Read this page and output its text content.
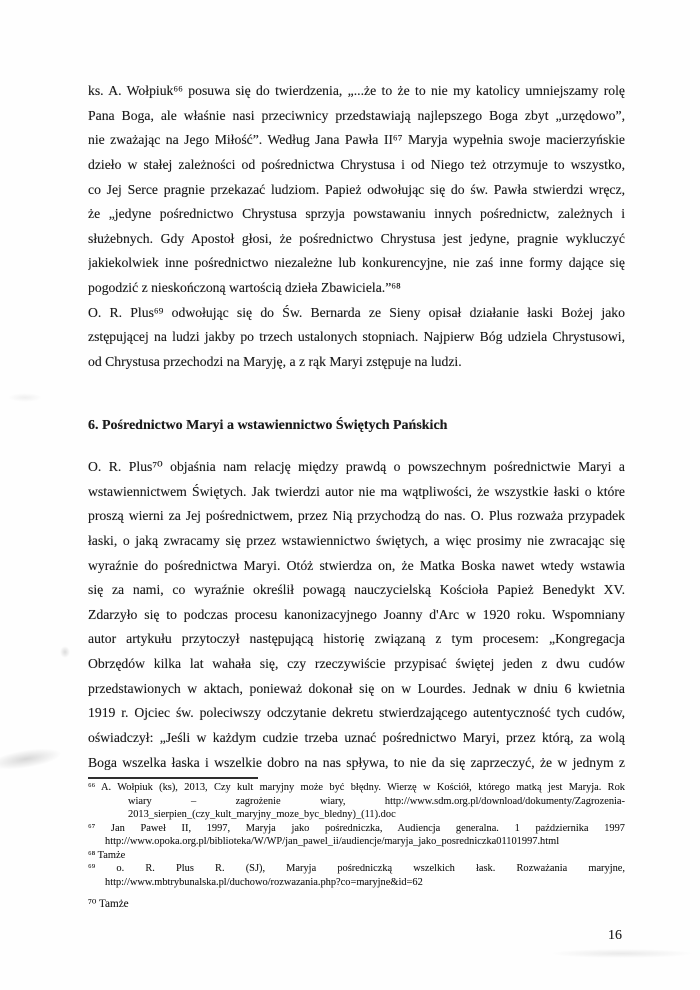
ks. A. Wołpiuk⁶⁶ posuwa się do twierdzenia, „...że to że to nie my katolicy umniejszamy rolę
Pana Boga, ale właśnie nasi przeciwnicy przedstawiają najlepszego Boga zbyt „urzędowo”,
nie zważając na Jego Miłość”. Według Jana Pawła II⁶⁷ Maryja wypełnia swoje macierzyńskie
dzieło w stałej zależności od pośrednictwa Chrystusa i od Niego też otrzymuje to wszystko,
co Jej Serce pragnie przekazać ludziom. Papież odwołując się do św. Pawła stwierdzi wręcz,
że „jedyne pośrednictwo Chrystusa sprzyja powstawaniu innych pośrednictw, zależnych i
służebnych. Gdy Apostoł głosi, że pośrednictwo Chrystusa jest jedyne, pragnie wykluczyć
jakiekolwiek inne pośrednictwo niezależne lub konkurencyjne, nie zaś inne formy dające się
pogodzić z nieskończoną wartością dzieła Zbawiciela.”⁶⁸
O. R. Plus⁶⁹ odwołując się do Św. Bernarda ze Sieny opisał działanie łaski Bożej jako
zstępującej na ludzi jakby po trzech ustalonych stopniach. Najpierw Bóg udziela Chrystusowi,
od Chrystusa przechodzi na Maryję, a z rąk Maryi zstępuje na ludzi.
6. Pośrednictwo Maryi a wstawiennictwo Świętych Pańskich
O. R. Plus⁷⁰ objaśnia nam relację między prawdą o powszechnym pośrednictwie Maryi a
wstawiennictwem Świętych. Jak twierdzi autor nie ma wątpliwości, że wszystkie łaski o które
proszą wierni za Jej pośrednictwem, przez Nią przychodzą do nas. O. Plus rozważa przypadek
łaski, o jaką zwracamy się przez wstawiennictwo świętych, a więc prosimy nie zwracając się
wyraźnie do pośrednictwa Maryi. Otóż stwierdza on, że Matka Boska nawet wtedy wstawia
się za nami, co wyraźnie określił powagą nauczycielską Kościoła Papież Benedykt XV.
Zdarzyło się to podczas procesu kanonizacyjnego Joanny d'Arc w 1920 roku. Wspomniany
autor artykułu przytoczył następującą historię związaną z tym procesem: „Kongregacja
Obrzędów kilka lat wahała się, czy rzeczywiście przypisać świętej jeden z dwu cudów
przedstawionych w aktach, ponieważ dokonał się on w Lourdes. Jednak w dniu 6 kwietnia
1919 r. Ojciec św. poleciwszy odczytanie dekretu stwierdzającego autentyczność tych cudów,
oświadczył: „Jeśli w każdym cudzie trzeba uznać pośrednictwo Maryi, przez którą, za wolą
Boga wszelka łaska i wszelkie dobro na nas spływa, to nie da się zaprzeczyć, że w jednym z
⁶⁶ A. Wołpiuk (ks), 2013, Czy kult maryjny może być błędny. Wierzę w Kościół, którego matką jest Maryja. Rok
wiary – zagrożenie wiary, http://www.sdm.org.pl/download/dokumenty/Zagrozenia-
2013_sierpien_(czy_kult_maryjny_moze_byc_bledny)_(11).doc
⁶⁷ Jan Paweł II, 1997, Maryja jako pośredniczka, Audiencja generalna. 1 października 1997
http://www.opoka.org.pl/biblioteka/W/WP/jan_pawel_ii/audiencje/maryja_jako_posredniczka01101997.html
⁶⁸ Tamże
⁶⁹ o. R. Plus R. (SJ), Maryja pośredniczką wszelkich łask. Rozważania maryjne,
http://www.mbtrybunalska.pl/duchowo/rozwazania.php?co=maryjne&id=62
⁷⁰ Tamże
16
